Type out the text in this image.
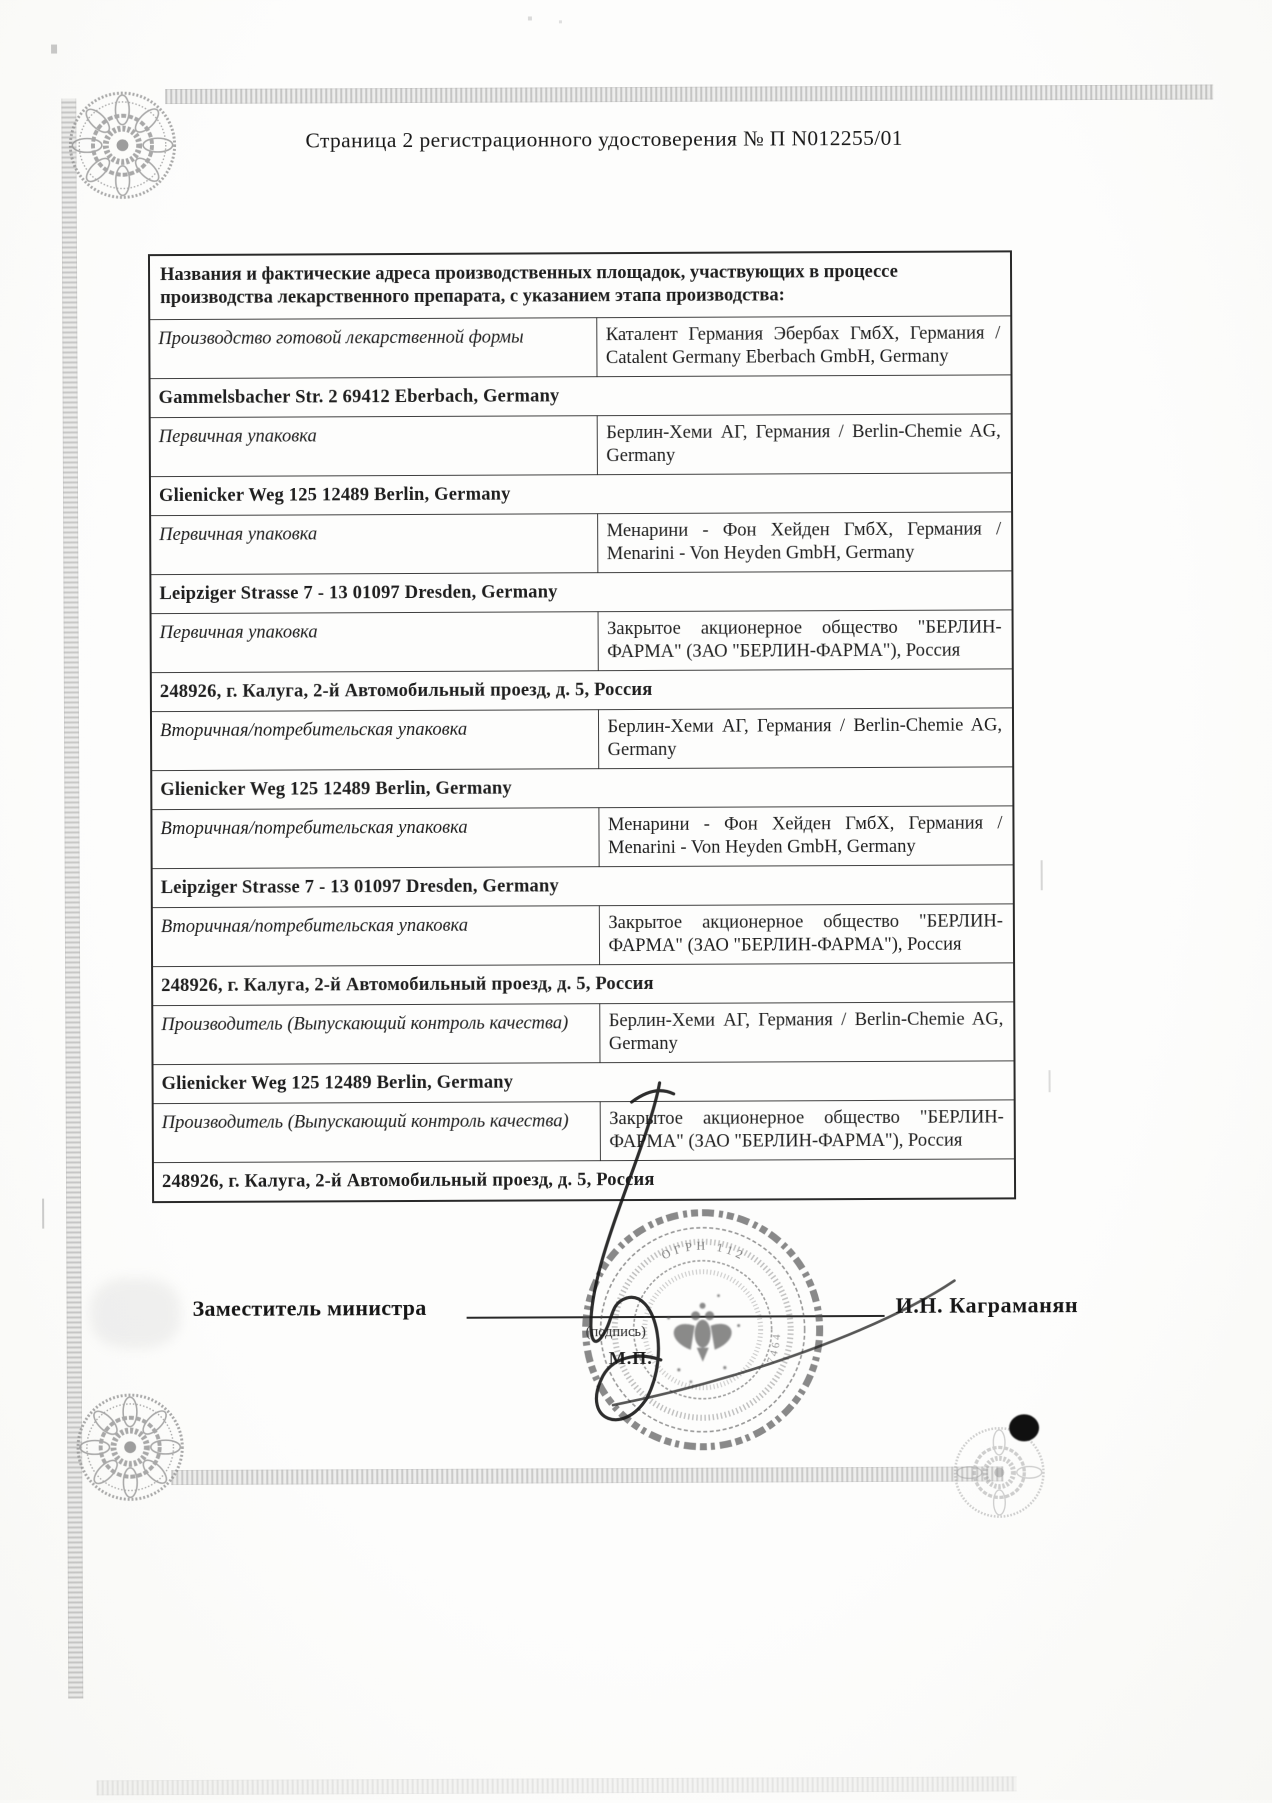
Страница 2 регистрационного удостоверения № П N012255/01
Названия и фактические адреса производственных площадок, участвующих в процессе производства лекарственного препарата, с указанием этапа производства:	
Производство готовой лекарственной формы	Каталент Германия Эбербах ГмбХ, Германия / Catalent Germany Eberbach GmbH, Germany
Gammelsbacher Str. 2 69412 Eberbach, Germany	
Первичная упаковка	Берлин-Хеми АГ, Германия / Berlin-Chemie AG, Germany
Glienicker Weg 125 12489 Berlin, Germany	
Первичная упаковка	Менарини - Фон Хейден ГмбХ, Германия / Menarini - Von Heyden GmbH, Germany
Leipziger Strasse 7 - 13 01097 Dresden, Germany	
Первичная упаковка	Закрытое акционерное общество "БЕРЛИН-ФАРМА" (ЗАО "БЕРЛИН-ФАРМА"), Россия
248926, г. Калуга, 2-й Автомобильный проезд, д. 5, Россия	
Вторичная/потребительская упаковка	Берлин-Хеми АГ, Германия / Berlin-Chemie AG, Germany
Glienicker Weg 125 12489 Berlin, Germany	
Вторичная/потребительская упаковка	Менарини - Фон Хейден ГмбХ, Германия / Menarini - Von Heyden GmbH, Germany
Leipziger Strasse 7 - 13 01097 Dresden, Germany	
Вторичная/потребительская упаковка	Закрытое акционерное общество "БЕРЛИН-ФАРМА" (ЗАО "БЕРЛИН-ФАРМА"), Россия
248926, г. Калуга, 2-й Автомобильный проезд, д. 5, Россия	
Производитель (Выпускающий контроль качества)	Берлин-Хеми АГ, Германия / Berlin-Chemie AG, Germany
Glienicker Weg 125 12489 Berlin, Germany	
Производитель (Выпускающий контроль качества)	Закрытое акционерное общество "БЕРЛИН-ФАРМА" (ЗАО "БЕРЛИН-ФАРМА"), Россия
248926, г. Калуга, 2-й Автомобильный проезд, д. 5, Россия	
Заместитель министра
(подпись)
М.П.
И.Н. Каграманян
ОГРН 112
7464
